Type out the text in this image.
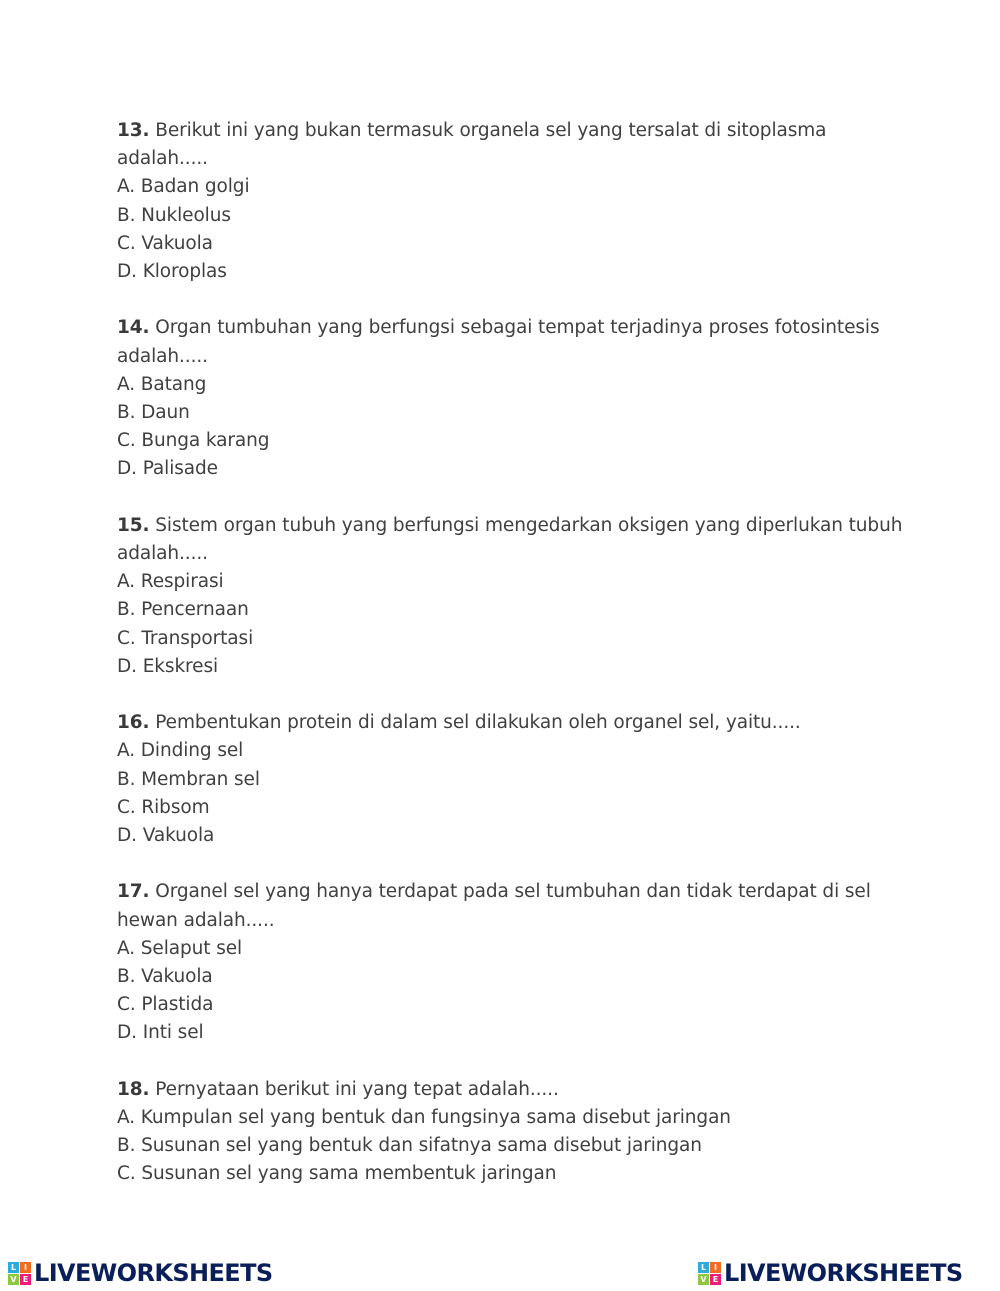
13. Berikut ini yang bukan termasuk organela sel yang tersalat di sitoplasma adalah.....
A. Badan golgi
B. Nukleolus
C. Vakuola
D. Kloroplas
14. Organ tumbuhan yang berfungsi sebagai tempat terjadinya proses fotosintesis adalah.....
A. Batang
B. Daun
C. Bunga karang
D. Palisade
15. Sistem organ tubuh yang berfungsi mengedarkan oksigen yang diperlukan tubuh adalah.....
A. Respirasi
B. Pencernaan
C. Transportasi
D. Ekskresi
16. Pembentukan protein di dalam sel dilakukan oleh organel sel, yaitu.....
A. Dinding sel
B. Membran sel
C. Ribsom
D. Vakuola
17. Organel sel yang hanya terdapat pada sel tumbuhan dan tidak terdapat di sel hewan adalah.....
A. Selaput sel
B. Vakuola
C. Plastida
D. Inti sel
18. Pernyataan berikut ini yang tepat adalah.....
A. Kumpulan sel yang bentuk dan fungsinya sama disebut jaringan
B. Susunan sel yang bentuk dan sifatnya sama disebut jaringan
C. Susunan sel yang sama membentuk jaringan
L I
V E LIVEWORKSHEETS	L I
V E LIVEWORKSHEETS
